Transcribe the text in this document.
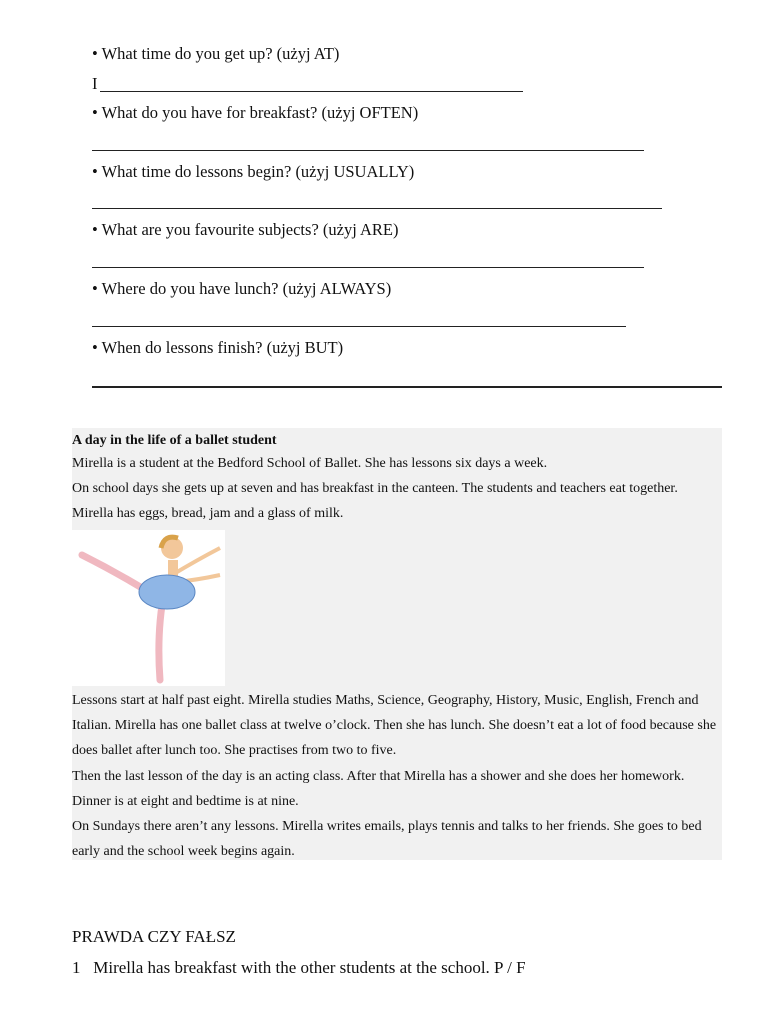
• What time do you get up? (użyj AT)
I
• What do you have for breakfast? (użyj OFTEN)
• What time do lessons begin? (użyj USUALLY)
• What are you favourite subjects? (użyj ARE)
• Where do you have lunch? (użyj ALWAYS)
• When do lessons finish? (użyj BUT)

A day in the life of a ballet student

Mirella is a student at the Bedford School of Ballet. She has lessons six days a week.

On school days she gets up at seven and has breakfast in the canteen. The students and teachers eat together. Mirella has eggs, bread, jam and a glass of milk.

Lessons start at half past eight. Mirella studies Maths, Science, Geography, History, Music, English, French and Italian. Mirella has one ballet class at twelve o’clock. Then she has lunch. She doesn’t eat a lot of food because she does ballet after lunch too. She practises from two to five.

Then the last lesson of the day is an acting class. After that Mirella has a shower and she does her homework. Dinner is at eight and bedtime is at nine.

On Sundays there aren’t any lessons. Mirella writes emails, plays tennis and talks to her friends. She goes to bed early and the school week begins again.

PRAWDA CZY FAŁSZ
1   Mirella has breakfast with the other students at the school. P / F
